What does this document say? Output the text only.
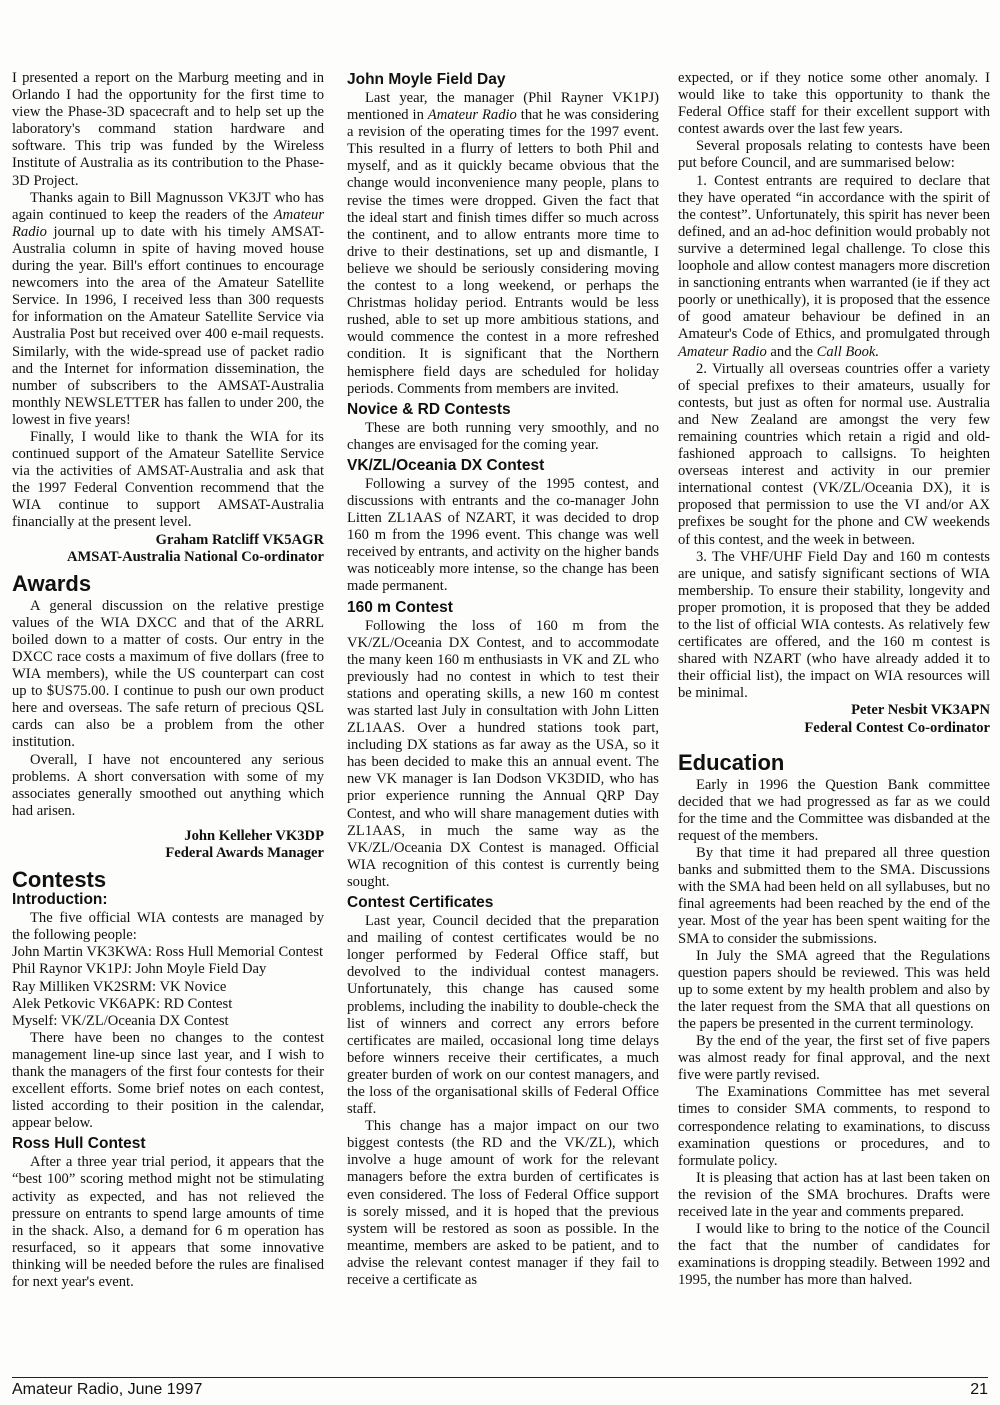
I presented a report on the Marburg meeting and in Orlando I had the opportunity for the first time to view the Phase-3D spacecraft and to help set up the laboratory's command station hardware and software. This trip was funded by the Wireless Institute of Australia as its contribution to the Phase-3D Project.

Thanks again to Bill Magnusson VK3JT who has again continued to keep the readers of the Amateur Radio journal up to date with his timely AMSAT-Australia column in spite of having moved house during the year. Bill's effort continues to encourage newcomers into the area of the Amateur Satellite Service. In 1996, I received less than 300 requests for information on the Amateur Satellite Service via Australia Post but received over 400 e-mail requests. Similarly, with the wide-spread use of packet radio and the Internet for information dissemination, the number of subscribers to the AMSAT-Australia monthly NEWSLETTER has fallen to under 200, the lowest in five years!

Finally, I would like to thank the WIA for its continued support of the Amateur Satellite Service via the activities of AMSAT-Australia and ask that the 1997 Federal Convention recommend that the WIA continue to support AMSAT-Australia financially at the present level.

Graham Ratcliff VK5AGR

AMSAT-Australia National Co-ordinator

Awards

A general discussion on the relative prestige values of the WIA DXCC and that of the ARRL boiled down to a matter of costs. Our entry in the DXCC race costs a maximum of five dollars (free to WIA members), while the US counterpart can cost up to $US75.00. I continue to push our own product here and overseas. The safe return of precious QSL cards can also be a problem from the other institution.

Overall, I have not encountered any serious problems. A short conversation with some of my associates generally smoothed out anything which had arisen.

John Kelleher VK3DP

Federal Awards Manager

Contests
Introduction:

The five official WIA contests are managed by the following people:

John Martin VK3KWA: Ross Hull Memorial Contest

Phil Raynor VK1PJ: John Moyle Field Day

Ray Milliken VK2SRM: VK Novice

Alek Petkovic VK6APK: RD Contest

Myself: VK/ZL/Oceania DX Contest

There have been no changes to the contest management line-up since last year, and I wish to thank the managers of the first four contests for their excellent efforts. Some brief notes on each contest, listed according to their position in the calendar, appear below.

Ross Hull Contest

After a three year trial period, it appears that the “best 100” scoring method might not be stimulating activity as expected, and has not relieved the pressure on entrants to spend large amounts of time in the shack. Also, a demand for 6 m operation has resurfaced, so it appears that some innovative thinking will be needed before the rules are finalised for next year's event.

John Moyle Field Day

Last year, the manager (Phil Rayner VK1PJ) mentioned in Amateur Radio that he was considering a revision of the operating times for the 1997 event. This resulted in a flurry of letters to both Phil and myself, and as it quickly became obvious that the change would inconvenience many people, plans to revise the times were dropped. Given the fact that the ideal start and finish times differ so much across the continent, and to allow entrants more time to drive to their destinations, set up and dismantle, I believe we should be seriously considering moving the contest to a long weekend, or perhaps the Christmas holiday period. Entrants would be less rushed, able to set up more ambitious stations, and would commence the contest in a more refreshed condition. It is significant that the Northern hemisphere field days are scheduled for holiday periods. Comments from members are invited.

Novice & RD Contests

These are both running very smoothly, and no changes are envisaged for the coming year.

VK/ZL/Oceania DX Contest

Following a survey of the 1995 contest, and discussions with entrants and the co-manager John Litten ZL1AAS of NZART, it was decided to drop 160 m from the 1996 event. This change was well received by entrants, and activity on the higher bands was noticeably more intense, so the change has been made permanent.

160 m Contest

Following the loss of 160 m from the VK/ZL/Oceania DX Contest, and to accommodate the many keen 160 m enthusiasts in VK and ZL who previously had no contest in which to test their stations and operating skills, a new 160 m contest was started last July in consultation with John Litten ZL1AAS. Over a hundred stations took part, including DX stations as far away as the USA, so it has been decided to make this an annual event. The new VK manager is Ian Dodson VK3DID, who has prior experience running the Annual QRP Day Contest, and who will share management duties with ZL1AAS, in much the same way as the VK/ZL/Oceania DX Contest is managed. Official WIA recognition of this contest is currently being sought.

Contest Certificates

Last year, Council decided that the preparation and mailing of contest certificates would be no longer performed by Federal Office staff, but devolved to the individual contest managers. Unfortunately, this change has caused some problems, including the inability to double-check the list of winners and correct any errors before certificates are mailed, occasional long time delays before winners receive their certificates, a much greater burden of work on our contest managers, and the loss of the organisational skills of Federal Office staff.

This change has a major impact on our two biggest contests (the RD and the VK/ZL), which involve a huge amount of work for the relevant managers before the extra burden of certificates is even considered. The loss of Federal Office support is sorely missed, and it is hoped that the previous system will be restored as soon as possible. In the meantime, members are asked to be patient, and to advise the relevant contest manager if they fail to receive a certificate as

expected, or if they notice some other anomaly. I would like to take this opportunity to thank the Federal Office staff for their excellent support with contest awards over the last few years.

Several proposals relating to contests have been put before Council, and are summarised below:

1. Contest entrants are required to declare that they have operated “in accordance with the spirit of the contest”. Unfortunately, this spirit has never been defined, and an ad-hoc definition would probably not survive a determined legal challenge. To close this loophole and allow contest managers more discretion in sanctioning entrants when warranted (ie if they act poorly or unethically), it is proposed that the essence of good amateur behaviour be defined in an Amateur's Code of Ethics, and promulgated through Amateur Radio and the Call Book.

2. Virtually all overseas countries offer a variety of special prefixes to their amateurs, usually for contests, but just as often for normal use. Australia and New Zealand are amongst the very few remaining countries which retain a rigid and old-fashioned approach to callsigns. To heighten overseas interest and activity in our premier international contest (VK/ZL/Oceania DX), it is proposed that permission to use the VI and/or AX prefixes be sought for the phone and CW weekends of this contest, and the week in between.

3. The VHF/UHF Field Day and 160 m contests are unique, and satisfy significant sections of WIA membership. To ensure their stability, longevity and proper promotion, it is proposed that they be added to the list of official WIA contests. As relatively few certificates are offered, and the 160 m contest is shared with NZART (who have already added it to their official list), the impact on WIA resources will be minimal.

Peter Nesbit VK3APN

Federal Contest Co-ordinator

Education

Early in 1996 the Question Bank committee decided that we had progressed as far as we could for the time and the Committee was disbanded at the request of the members.

By that time it had prepared all three question banks and submitted them to the SMA. Discussions with the SMA had been held on all syllabuses, but no final agreements had been reached by the end of the year. Most of the year has been spent waiting for the SMA to consider the submissions.

In July the SMA agreed that the Regulations question papers should be reviewed. This was held up to some extent by my health problem and also by the later request from the SMA that all questions on the papers be presented in the current terminology.

By the end of the year, the first set of five papers was almost ready for final approval, and the next five were partly revised.

The Examinations Committee has met several times to consider SMA comments, to respond to correspondence relating to examinations, to discuss examination questions or procedures, and to formulate policy.

It is pleasing that action has at last been taken on the revision of the SMA brochures. Drafts were received late in the year and comments prepared.

I would like to bring to the notice of the Council the fact that the number of candidates for examinations is dropping steadily. Between 1992 and 1995, the number has more than halved.

Amateur Radio, June 1997	21
